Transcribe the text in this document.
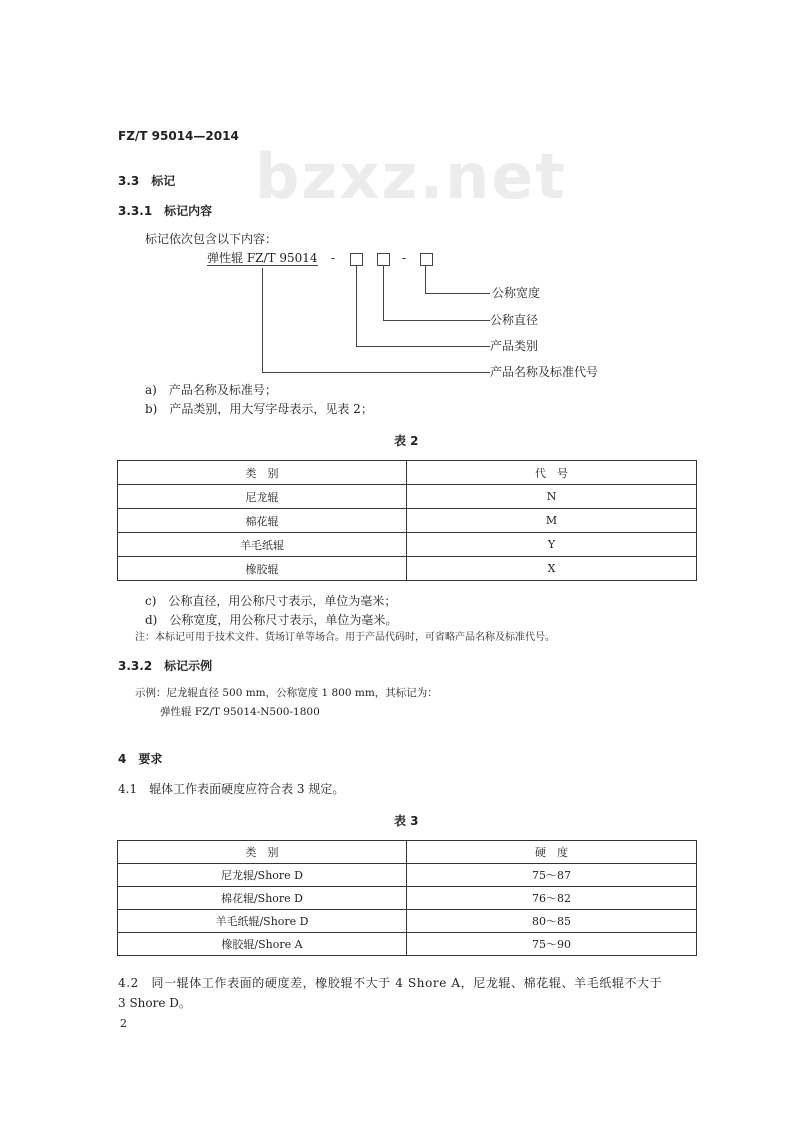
bzxz.net
FZ/T 95014—2014
3.3　标记
3.3.1　标记内容
标记依次包含以下内容：
弹性辊 FZ/T 95014 -	-
公称宽度
公称直径
产品类别
产品名称及标准代号
a)　产品名称及标准号；
b)　产品类别，用大写字母表示，见表 2；
表 2
类　别	代　号
尼龙辊	N
棉花辊	M
羊毛纸辊	Y
橡胶辊	X
c)　公称直径，用公称尺寸表示，单位为毫米；
d)　公称宽度，用公称尺寸表示，单位为毫米。
注：本标记可用于技术文件、货场订单等场合。用于产品代码时，可省略产品名称及标准代号。
3.3.2　标记示例
示例：尼龙辊直径 500 mm，公称宽度 1 800 mm，其标记为：
弹性辊 FZ/T 95014-N500-1800
4　要求
4.1　辊体工作表面硬度应符合表 3 规定。
表 3
类　别	硬　度
尼龙辊/Shore D	75～87
棉花辊/Shore D	76～82
羊毛纸辊/Shore D	80～85
橡胶辊/Shore A	75～90
4.2　同一辊体工作表面的硬度差，橡胶辊不大于 4 Shore A，尼龙辊、棉花辊、羊毛纸辊不大于
3 Shore D。
2
